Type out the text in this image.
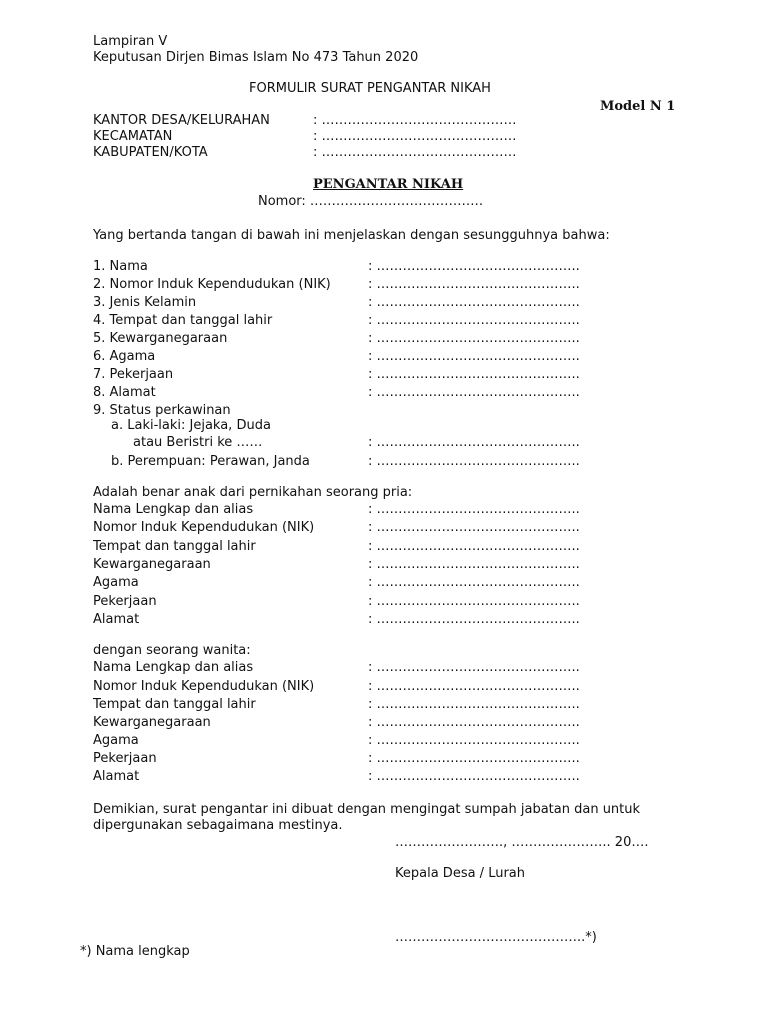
Lampiran V
Keputusan Dirjen Bimas Islam No 473 Tahun 2020
FORMULIR SURAT PENGANTAR NIKAH
Model N 1
KANTOR DESA/KELURAHAN	: ………………………………………
KECAMATAN	: ………………………………………
KABUPATEN/KOTA	: ………………………………………
PENGANTAR NIKAH
Nomor: ………………………………….
Yang bertanda tangan di bawah ini menjelaskan dengan sesungguhnya bahwa:
1. Nama	: ………………………………………..
2. Nomor Induk Kependudukan (NIK)	: ………………………………………..
3. Jenis Kelamin	: ………………………………………..
4. Tempat dan tanggal lahir	: ………………………………………..
5. Kewarganegaraan	: ………………………………………..
6. Agama	: ………………………………………..
7. Pekerjaan	: ………………………………………..
8. Alamat	: ………………………………………..
9. Status perkawinan
a. Laki-laki: Jejaka, Duda
atau Beristri ke ……	: ………………………………………..
b. Perempuan: Perawan, Janda	: ………………………………………..
Adalah benar anak dari pernikahan seorang pria:
Nama Lengkap dan alias	: ………………………………………..
Nomor Induk Kependudukan (NIK)	: ………………………………………..
Tempat dan tanggal lahir	: ………………………………………..
Kewarganegaraan	: ………………………………………..
Agama	: ………………………………………..
Pekerjaan	: ………………………………………..
Alamat	: ………………………………………..
dengan seorang wanita:
Nama Lengkap dan alias	: ………………………………………..
Nomor Induk Kependudukan (NIK)	: ………………………………………..
Tempat dan tanggal lahir	: ………………………………………..
Kewarganegaraan	: ………………………………………..
Agama	: ………………………………………..
Pekerjaan	: ………………………………………..
Alamat	: ………………………………………..
Demikian, surat pengantar ini dibuat dengan mengingat sumpah jabatan dan untuk
dipergunakan sebagaimana mestinya.
……………………., ………………….. 20….
Kepala Desa / Lurah
……………………………………..*)
*) Nama lengkap
